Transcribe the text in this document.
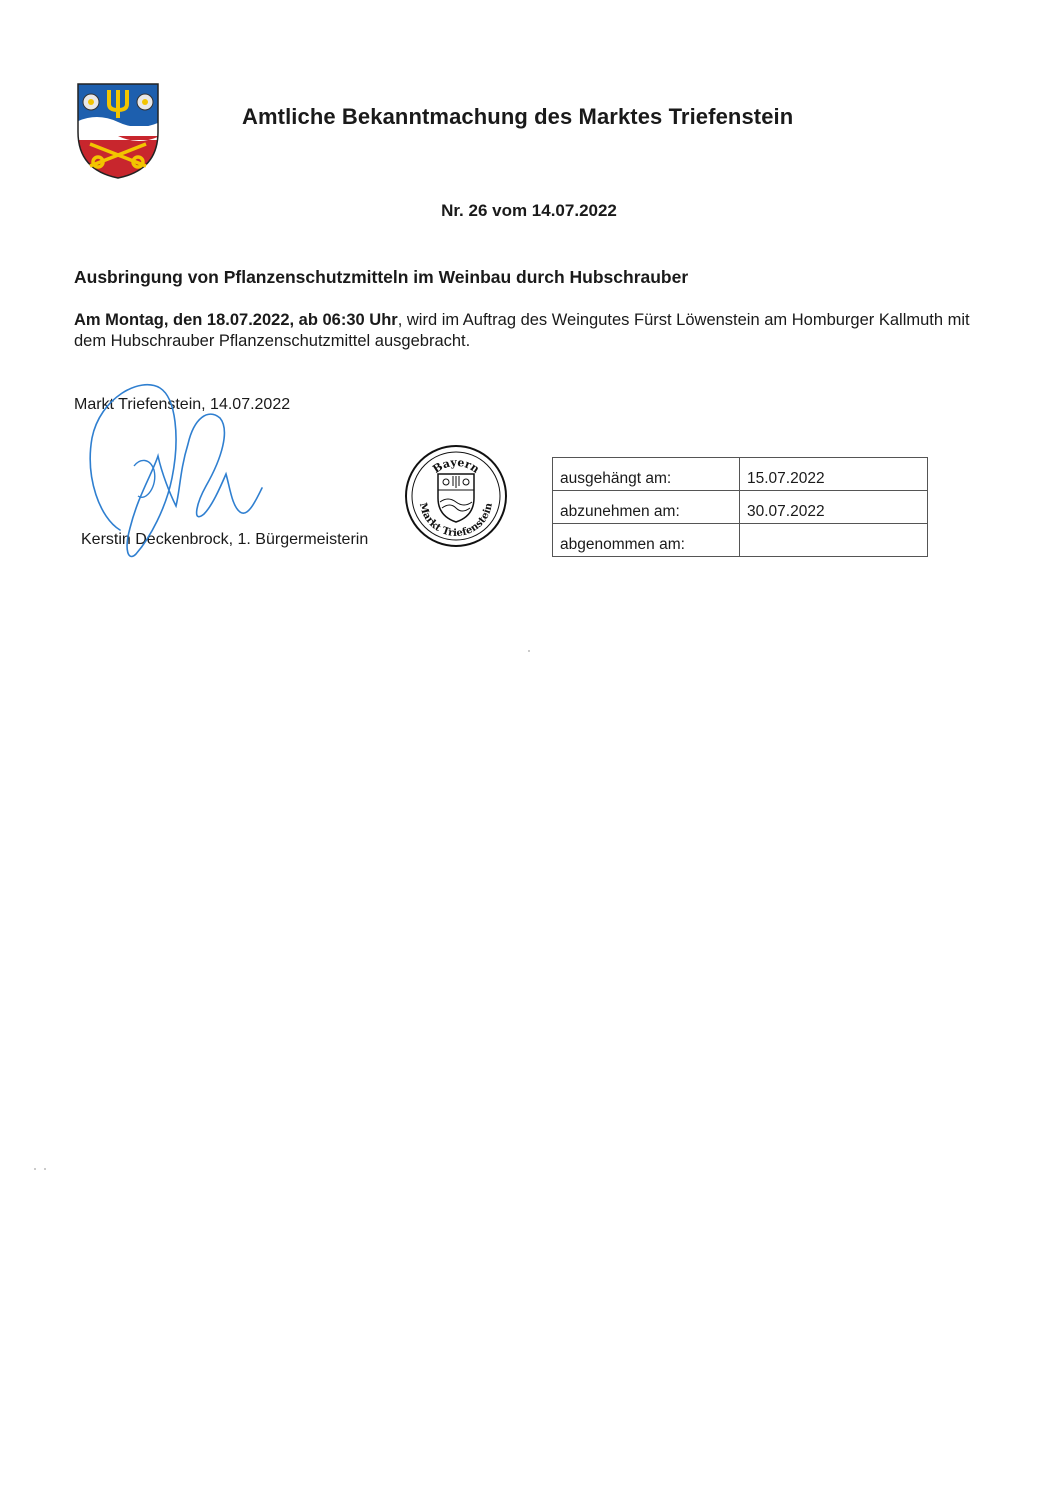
Amtliche Bekanntmachung des Marktes Triefenstein
Nr. 26 vom 14.07.2022
Ausbringung von Pflanzenschutzmitteln im Weinbau durch Hubschrauber
Am Montag, den 18.07.2022, ab 06:30 Uhr, wird im Auftrag des Weingutes Fürst Löwenstein am Homburger Kallmuth mit dem Hubschrauber Pflanzenschutzmittel ausgebracht.
Markt Triefenstein, 14.07.2022
Kerstin Deckenbrock, 1. Bürgermeisterin
Bayern
Markt Triefenstein
ausgehängt am:	15.07.2022
abzunehmen am:	30.07.2022
abgenommen am:	
